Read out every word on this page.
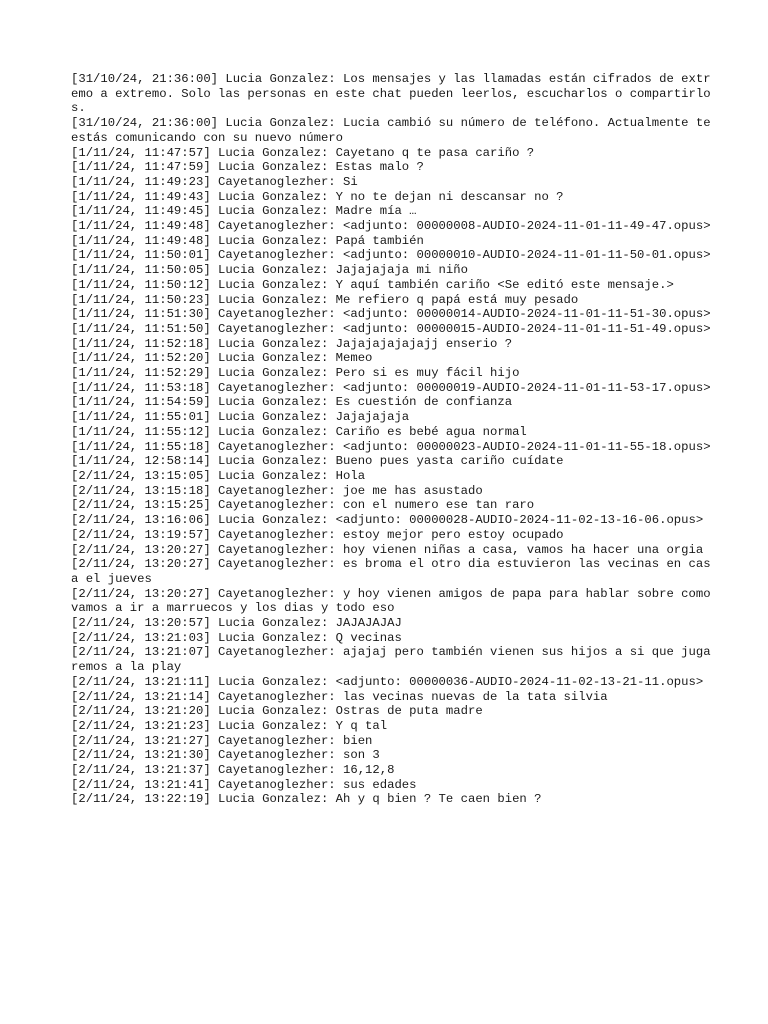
[31/10/24, 21:36:00] Lucia Gonzalez: Los mensajes y las llamadas están cifrados de extremo a extremo. Solo las personas en este chat pueden leerlos, escucharlos o compartirlos.
[31/10/24, 21:36:00] Lucia Gonzalez: Lucia cambió su número de teléfono. Actualmente te estás comunicando con su nuevo número
[1/11/24, 11:47:57] Lucia Gonzalez: Cayetano q te pasa cariño ?
[1/11/24, 11:47:59] Lucia Gonzalez: Estas malo ?
[1/11/24, 11:49:23] Cayetanoglezher: Si
[1/11/24, 11:49:43] Lucia Gonzalez: Y no te dejan ni descansar no ?
[1/11/24, 11:49:45] Lucia Gonzalez: Madre mía …
[1/11/24, 11:49:48] Cayetanoglezher: <adjunto: 00000008-AUDIO-2024-11-01-11-49-47.opus>
[1/11/24, 11:49:48] Lucia Gonzalez: Papá también
[1/11/24, 11:50:01] Cayetanoglezher: <adjunto: 00000010-AUDIO-2024-11-01-11-50-01.opus>
[1/11/24, 11:50:05] Lucia Gonzalez: Jajajajaja mi niño
[1/11/24, 11:50:12] Lucia Gonzalez: Y aquí también cariño <Se editó este mensaje.>
[1/11/24, 11:50:23] Lucia Gonzalez: Me refiero q papá está muy pesado
[1/11/24, 11:51:30] Cayetanoglezher: <adjunto: 00000014-AUDIO-2024-11-01-11-51-30.opus>
[1/11/24, 11:51:50] Cayetanoglezher: <adjunto: 00000015-AUDIO-2024-11-01-11-51-49.opus>
[1/11/24, 11:52:18] Lucia Gonzalez: Jajajajajajajj enserio ?
[1/11/24, 11:52:20] Lucia Gonzalez: Memeo
[1/11/24, 11:52:29] Lucia Gonzalez: Pero si es muy fácil hijo
[1/11/24, 11:53:18] Cayetanoglezher: <adjunto: 00000019-AUDIO-2024-11-01-11-53-17.opus>
[1/11/24, 11:54:59] Lucia Gonzalez: Es cuestión de confianza
[1/11/24, 11:55:01] Lucia Gonzalez: Jajajajaja
[1/11/24, 11:55:12] Lucia Gonzalez: Cariño es bebé agua normal
[1/11/24, 11:55:18] Cayetanoglezher: <adjunto: 00000023-AUDIO-2024-11-01-11-55-18.opus>
[1/11/24, 12:58:14] Lucia Gonzalez: Bueno pues yasta cariño cuídate
[2/11/24, 13:15:05] Lucia Gonzalez: Hola
[2/11/24, 13:15:18] Cayetanoglezher: joe me has asustado
[2/11/24, 13:15:25] Cayetanoglezher: con el numero ese tan raro
[2/11/24, 13:16:06] Lucia Gonzalez: <adjunto: 00000028-AUDIO-2024-11-02-13-16-06.opus>
[2/11/24, 13:19:57] Cayetanoglezher: estoy mejor pero estoy ocupado
[2/11/24, 13:20:27] Cayetanoglezher: hoy vienen niñas a casa, vamos ha hacer una orgia
[2/11/24, 13:20:27] Cayetanoglezher: es broma el otro dia estuvieron las vecinas en casa el jueves
[2/11/24, 13:20:27] Cayetanoglezher: y hoy vienen amigos de papa para hablar sobre como vamos a ir a marruecos y los dias y todo eso
[2/11/24, 13:20:57] Lucia Gonzalez: JAJAJAJAJ
[2/11/24, 13:21:03] Lucia Gonzalez: Q vecinas
[2/11/24, 13:21:07] Cayetanoglezher: ajajaj pero también vienen sus hijos a si que jugaremos a la play
[2/11/24, 13:21:11] Lucia Gonzalez: <adjunto: 00000036-AUDIO-2024-11-02-13-21-11.opus>
[2/11/24, 13:21:14] Cayetanoglezher: las vecinas nuevas de la tata silvia
[2/11/24, 13:21:20] Lucia Gonzalez: Ostras de puta madre
[2/11/24, 13:21:23] Lucia Gonzalez: Y q tal
[2/11/24, 13:21:27] Cayetanoglezher: bien
[2/11/24, 13:21:30] Cayetanoglezher: son 3
[2/11/24, 13:21:37] Cayetanoglezher: 16,12,8
[2/11/24, 13:21:41] Cayetanoglezher: sus edades
[2/11/24, 13:22:19] Lucia Gonzalez: Ah y q bien ? Te caen bien ?
